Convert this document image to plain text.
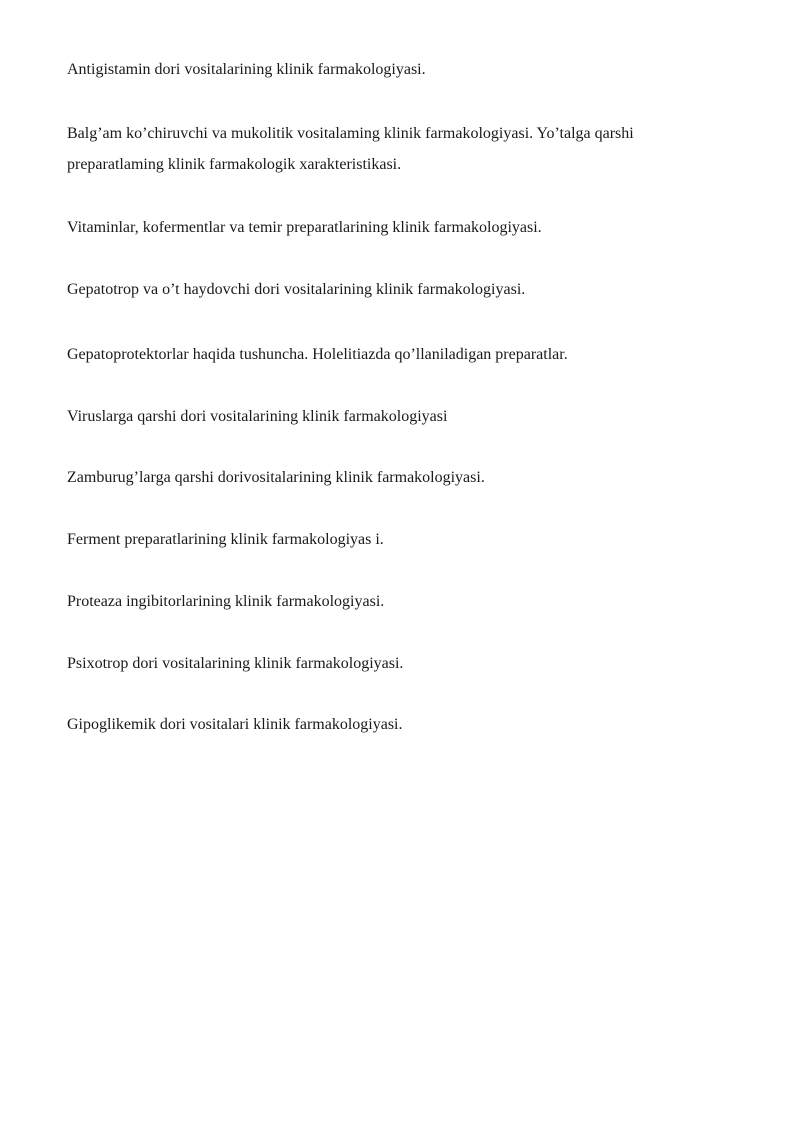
Antigistamin dori vositalarining klinik farmakologiyasi.

Balg’am ko’chiruvchi va mukolitik vositalaming klinik farmakologiyasi. Yo’talga qarshi preparatlaming klinik farmakologik xarakteristikasi.

Vitaminlar, kofermentlar va temir preparatlarining klinik farmakologiyasi.

Gepatotrop va o’t haydovchi dori vositalarining klinik farmakologiyasi.

Gepatoprotektorlar haqida tushuncha. Holelitiazda qo’llaniladigan preparatlar.

Viruslarga qarshi dori vositalarining klinik farmakologiyasi

Zamburug’larga qarshi dorivositalarining klinik farmakologiyasi.

Ferment preparatlarining klinik farmakologiyas i.

Proteaza ingibitorlarining klinik farmakologiyasi.

Psixotrop dori vositalarining klinik farmakologiyasi.

Gipoglikemik dori vositalari klinik farmakologiyasi.
